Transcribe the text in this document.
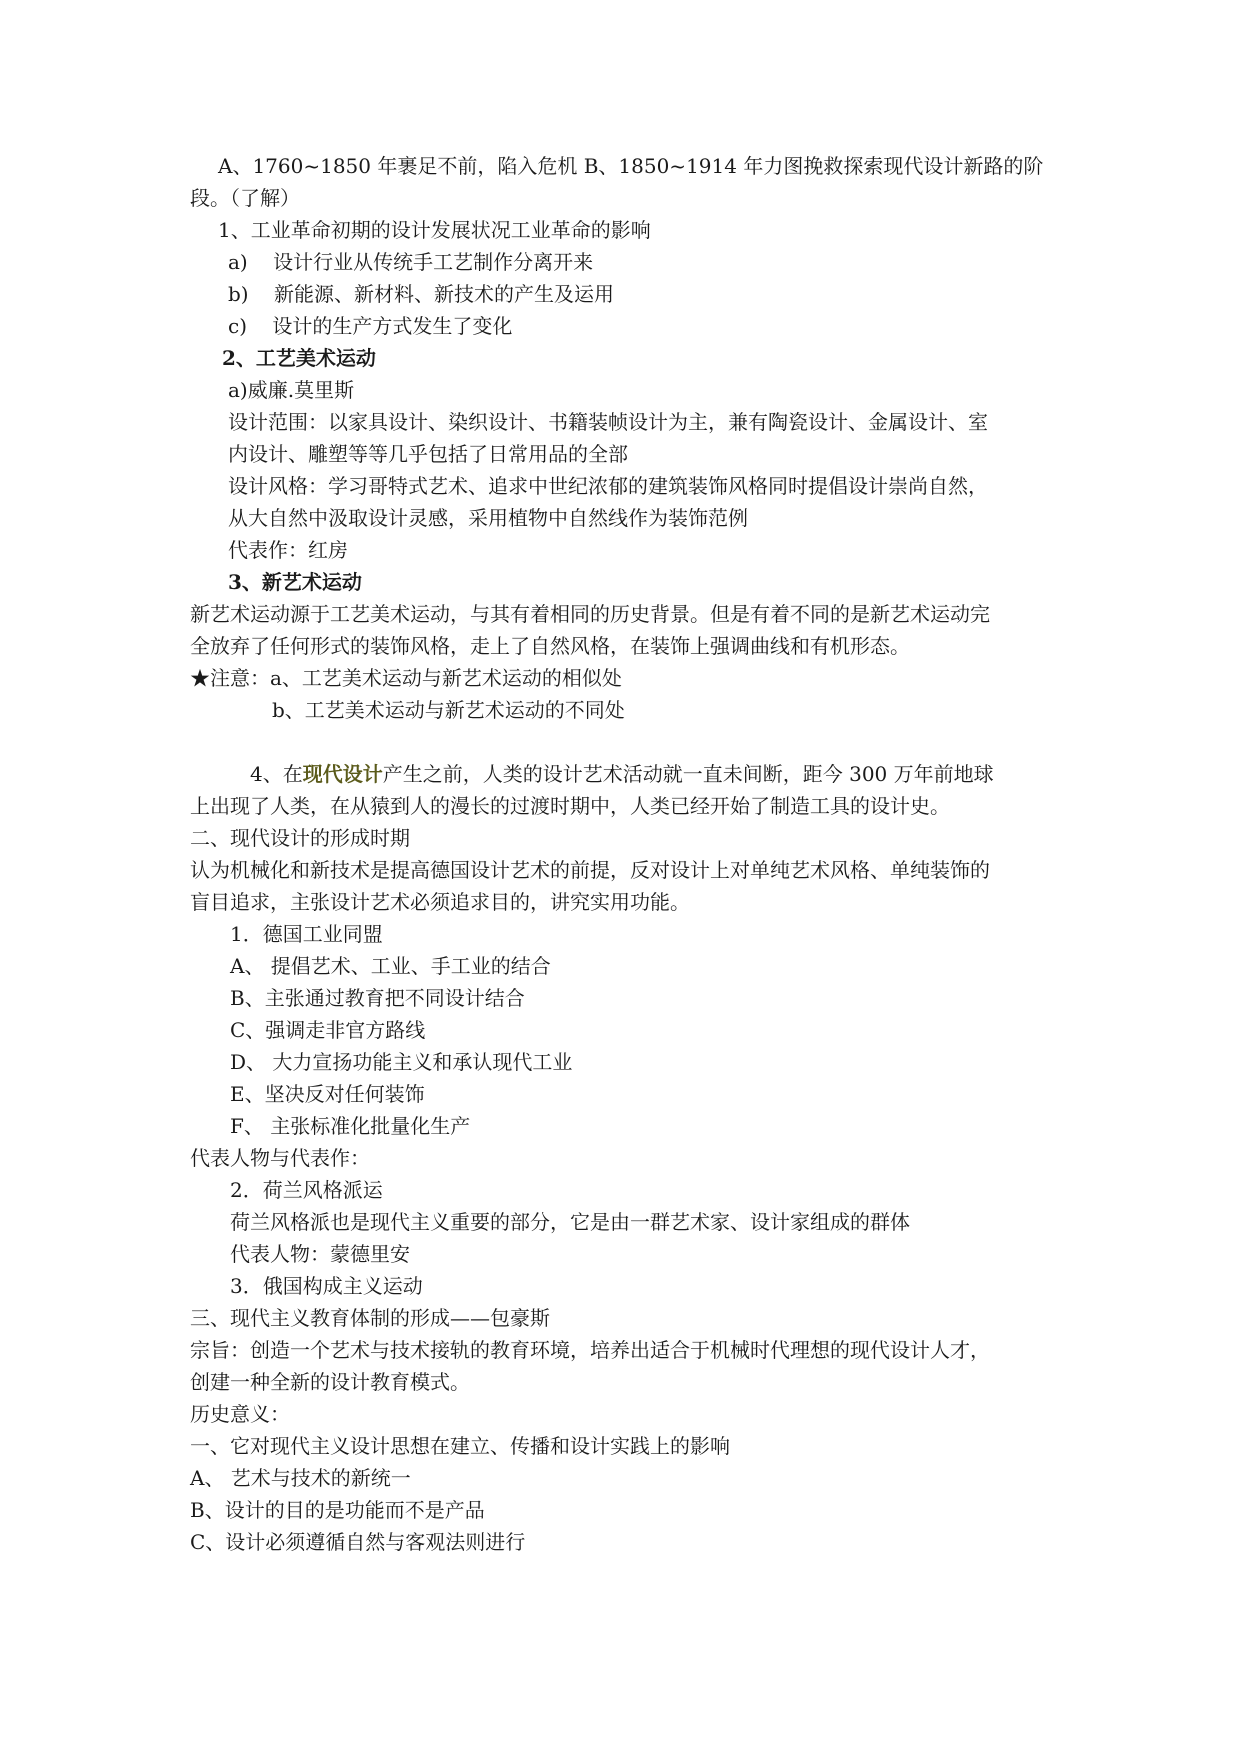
A、1760~1850 年裹足不前，陷入危机 B、1850~1914 年力图挽救探索现代设计新路的阶
段。（了解）
1、工业革命初期的设计发展状况工业革命的影响
a)    设计行业从传统手工艺制作分离开来
b)    新能源、新材料、新技术的产生及运用
c)    设计的生产方式发生了变化
2、工艺美术运动
a)威廉.莫里斯
设计范围：以家具设计、染织设计、书籍装帧设计为主，兼有陶瓷设计、金属设计、室
内设计、雕塑等等几乎包括了日常用品的全部
设计风格：学习哥特式艺术、追求中世纪浓郁的建筑装饰风格同时提倡设计崇尚自然，
从大自然中汲取设计灵感，采用植物中自然线作为装饰范例
代表作：红房
3、新艺术运动
新艺术运动源于工艺美术运动，与其有着相同的历史背景。但是有着不同的是新艺术运动完
全放弃了任何形式的装饰风格，走上了自然风格，在装饰上强调曲线和有机形态。
★注意：a、工艺美术运动与新艺术运动的相似处
b、工艺美术运动与新艺术运动的不同处
4、在现代设计产生之前，人类的设计艺术活动就一直未间断，距今 300 万年前地球
上出现了人类，在从猿到人的漫长的过渡时期中，人类已经开始了制造工具的设计史。
二、现代设计的形成时期
认为机械化和新技术是提高德国设计艺术的前提，反对设计上对单纯艺术风格、单纯装饰的
盲目追求，主张设计艺术必须追求目的，讲究实用功能。
1．德国工业同盟
A、 提倡艺术、工业、手工业的结合
B、主张通过教育把不同设计结合
C、强调走非官方路线
D、 大力宣扬功能主义和承认现代工业
E、坚决反对任何装饰
F、 主张标准化批量化生产
代表人物与代表作：
2．荷兰风格派运
荷兰风格派也是现代主义重要的部分，它是由一群艺术家、设计家组成的群体
代表人物：蒙德里安
3．俄国构成主义运动
三、现代主义教育体制的形成——包豪斯
宗旨：创造一个艺术与技术接轨的教育环境，培养出适合于机械时代理想的现代设计人才，
创建一种全新的设计教育模式。
历史意义：
一、它对现代主义设计思想在建立、传播和设计实践上的影响
A、 艺术与技术的新统一
B、设计的目的是功能而不是产品
C、设计必须遵循自然与客观法则进行
